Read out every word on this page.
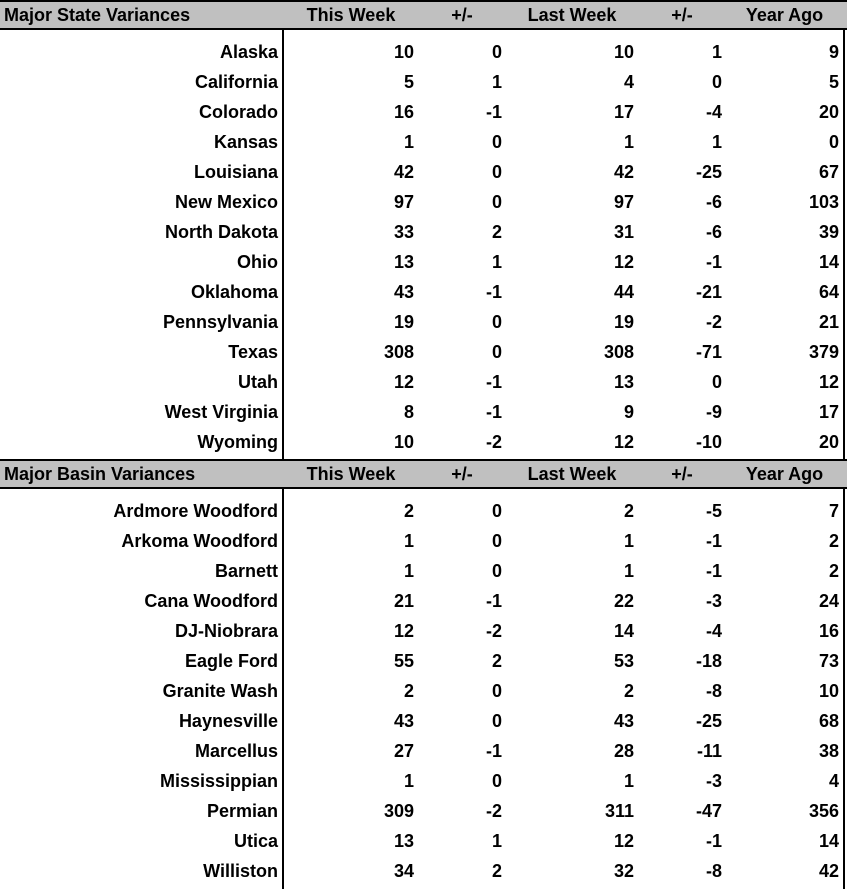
Major State Variances	This Week	+/-	Last Week	+/-	Year Ago
Alaska	10	0	10	1	9
California	5	1	4	0	5
Colorado	16	-1	17	-4	20
Kansas	1	0	1	1	0
Louisiana	42	0	42	-25	67
New Mexico	97	0	97	-6	103
North Dakota	33	2	31	-6	39
Ohio	13	1	12	-1	14
Oklahoma	43	-1	44	-21	64
Pennsylvania	19	0	19	-2	21
Texas	308	0	308	-71	379
Utah	12	-1	13	0	12
West Virginia	8	-1	9	-9	17
Wyoming	10	-2	12	-10	20
Major Basin Variances	This Week	+/-	Last Week	+/-	Year Ago
Ardmore Woodford	2	0	2	-5	7
Arkoma Woodford	1	0	1	-1	2
Barnett	1	0	1	-1	2
Cana Woodford	21	-1	22	-3	24
DJ-Niobrara	12	-2	14	-4	16
Eagle Ford	55	2	53	-18	73
Granite Wash	2	0	2	-8	10
Haynesville	43	0	43	-25	68
Marcellus	27	-1	28	-11	38
Mississippian	1	0	1	-3	4
Permian	309	-2	311	-47	356
Utica	13	1	12	-1	14
Williston	34	2	32	-8	42
